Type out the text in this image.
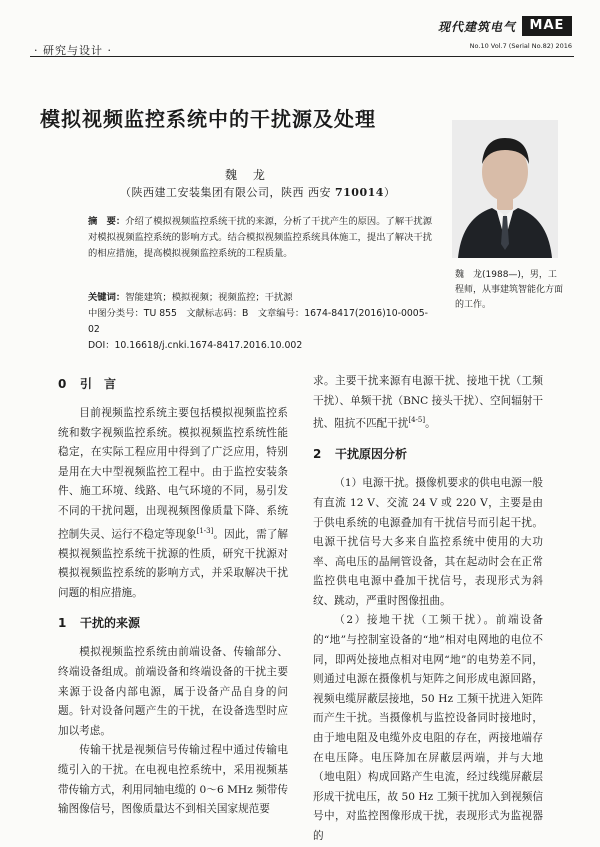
· 研究与设计 ·
现代建筑电气	MAE
No.10 Vol.7 (Serial No.82) 2016
模拟视频监控系统中的干扰源及处理
魏 龙
（陕西建工安装集团有限公司，陕西 西安 710014）
摘　要：介绍了模拟视频监控系统干扰的来源，分析了干扰产生的原因。了解干扰源对模拟视频监控系统的影响方式。结合模拟视频监控系统具体施工，提出了解决干扰的相应措施，提高模拟视频监控系统的工程质量。
关键词：智能建筑；模拟视频；视频监控；干扰源
中图分类号：TU 855　文献标志码：B　文章编号：1674-8417(2016)10-0005-02
DOI：10.16618/j.cnki.1674-8417.2016.10.002
魏　龙(1988—)，男，工程师，从事建筑智能化方面的工作。
0 引　言

目前视频监控系统主要包括模拟视频监控系统和数字视频监控系统。模拟视频监控系统性能稳定，在实际工程应用中得到了广泛应用，特别是用在大中型视频监控工程中。由于监控安装条件、施工环境、线路、电气环境的不同，易引发不同的干扰问题，出现视频图像质量下降、系统控制失灵、运行不稳定等现象[1-3]。因此，需了解模拟视频监控系统干扰源的性质，研究干扰源对模拟视频监控系统的影响方式，并采取解决干扰问题的相应措施。

1 干扰的来源

模拟视频监控系统由前端设备、传输部分、终端设备组成。前端设备和终端设备的干扰主要来源于设备内部电源，属于设备产品自身的问题。针对设备问题产生的干扰，在设备选型时应加以考虑。

传输干扰是视频信号传输过程中通过传输电缆引入的干扰。在电视电控系统中，采用视频基带传输方式，利用同轴电缆的 0～6 MHz 频带传输图像信号，图像质量达不到相关国家规范要

求。主要干扰来源有电源干扰、接地干扰（工频干扰）、单频干扰（BNC 接头干扰）、空间辐射干扰、阻抗不匹配干扰[4-5]。

2 干扰原因分析

（1）电源干扰。摄像机要求的供电电源一般有直流 12 V、交流 24 V 或 220 V，主要是由于供电系统的电源叠加有干扰信号而引起干扰。电源干扰信号大多来自监控系统中使用的大功率、高电压的晶闸管设备，其在起动时会在正常监控供电电源中叠加干扰信号，表现形式为斜纹、跳动，严重时图像扭曲。

（2）接地干扰（工频干扰）。前端设备的“地”与控制室设备的“地”相对电网地的电位不同，即两处接地点相对电网“地”的电势差不同，则通过电源在摄像机与矩阵之间形成电源回路，视频电缆屏蔽层接地，50 Hz 工频干扰进入矩阵而产生干扰。当摄像机与监控设备同时接地时，由于地电阻及电缆外皮电阻的存在，两接地端存在电压降。电压降加在屏蔽层两端，并与大地（地电阻）构成回路产生电流，经过线缆屏蔽层形成干扰电压，故 50 Hz 工频干扰加入到视频信号中，对监控图像形成干扰，表现形式为监视器的
